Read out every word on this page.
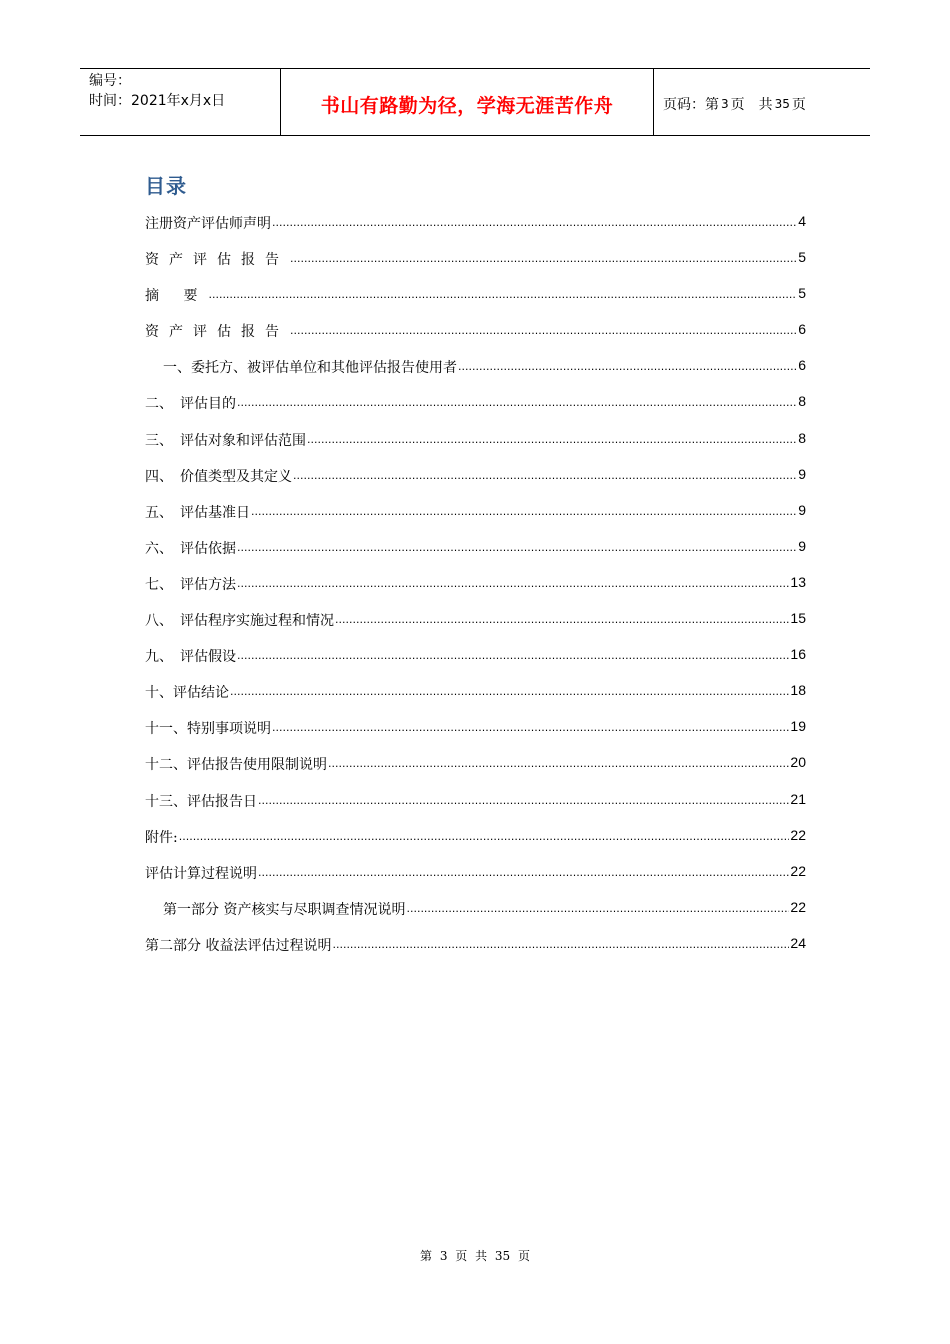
编号：
时间：2021年x月x日	书山有路勤为径，学海无涯苦作舟	页码：第 3 页　共 35 页
目录
注册资产评估师声明 .....	4
资产评估报告 .....	5
摘 要 .....	5
资产评估报告 .....	6
一、委托方、被评估单位和其他评估报告使用者 .....	6
二、　评估目的 .....	8
三、　评估对象和评估范围 .....	8
四、　价值类型及其定义 .....	9
五、　评估基准日 .....	9
六、　评估依据 .....	9
七、　评估方法 .....	13
八、　评估程序实施过程和情况 .....	15
九、　评估假设 .....	16
十、评估结论 .....	18
十一、特别事项说明 .....	19
十二、评估报告使用限制说明 .....	20
十三、评估报告日 .....	21
附件: .....	22
评估计算过程说明 .....	22
第一部分 资产核实与尽职调查情况说明 .....	22
第二部分 收益法评估过程说明 .....	24
第 3 页 共 35 页
